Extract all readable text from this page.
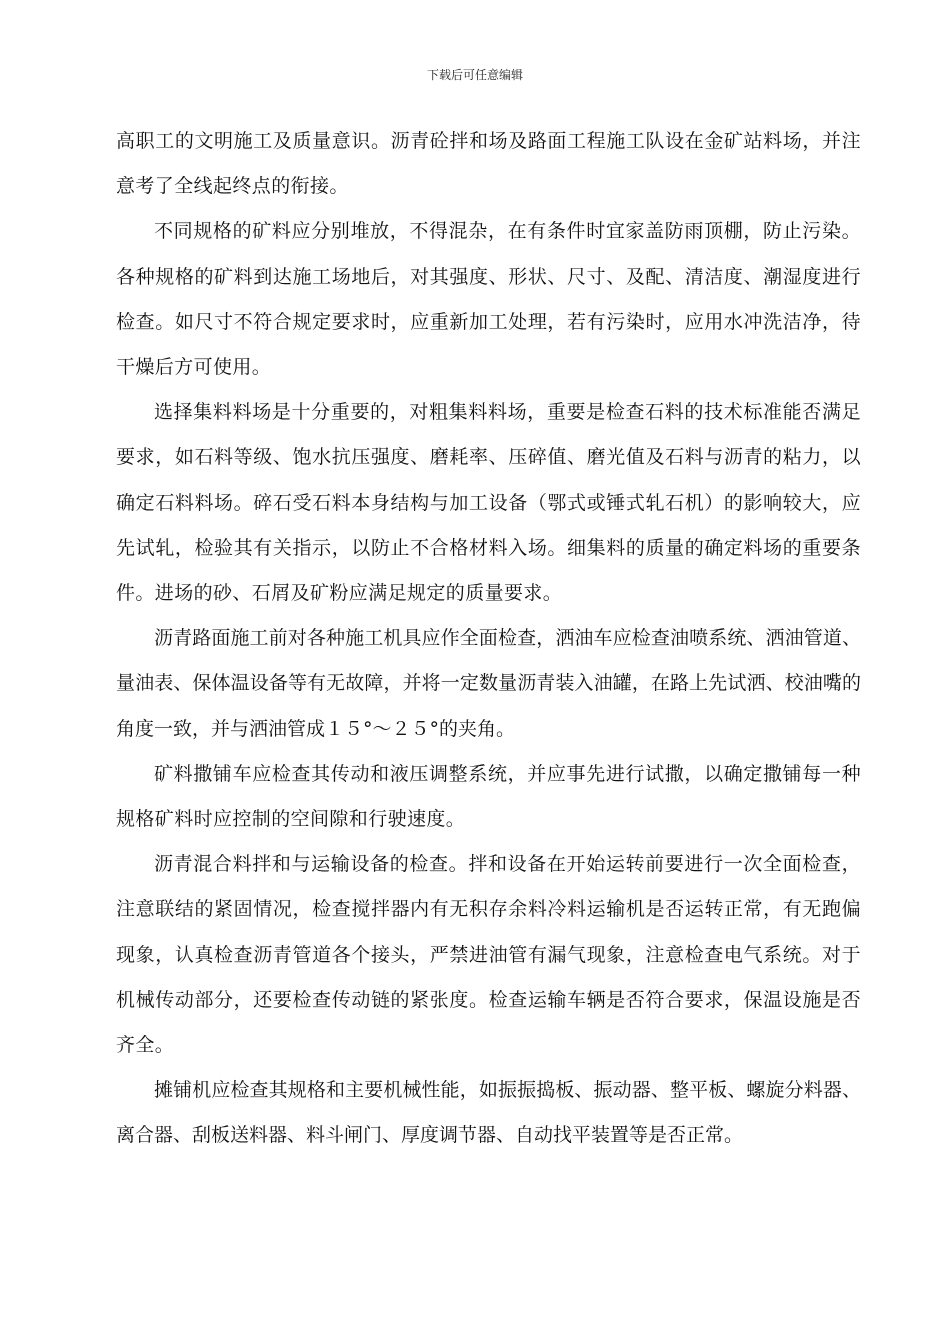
下载后可任意编辑

高职工的文明施工及质量意识。沥青砼拌和场及路面工程施工队设在金矿站料场，并注意考了全线起终点的衔接。

不同规格的矿料应分别堆放，不得混杂，在有条件时宜家盖防雨顶棚，防止污染。各种规格的矿料到达施工场地后，对其强度、形状、尺寸、及配、清洁度、潮湿度进行检查。如尺寸不符合规定要求时，应重新加工处理，若有污染时，应用水冲洗洁净，待干燥后方可使用。

选择集料料场是十分重要的，对粗集料料场，重要是检查石料的技术标准能否满足要求，如石料等级、饱水抗压强度、磨耗率、压碎值、磨光值及石料与沥青的粘力，以确定石料料场。碎石受石料本身结构与加工设备（鄂式或锤式轧石机）的影响较大，应先试轧，检验其有关指示，以防止不合格材料入场。细集料的质量的确定料场的重要条件。进场的砂、石屑及矿粉应满足规定的质量要求。

沥青路面施工前对各种施工机具应作全面检查，洒油车应检查油喷系统、洒油管道、量油表、保体温设备等有无故障，并将一定数量沥青装入油罐，在路上先试洒、校油嘴的角度一致，并与洒油管成１５°～２５°的夹角。

矿料撒铺车应检查其传动和液压调整系统，并应事先进行试撒，以确定撒铺每一种规格矿料时应控制的空间隙和行驶速度。

沥青混合料拌和与运输设备的检查。拌和设备在开始运转前要进行一次全面检查，注意联结的紧固情况，检查搅拌器内有无积存余料冷料运输机是否运转正常，有无跑偏现象，认真检查沥青管道各个接头，严禁进油管有漏气现象，注意检查电气系统。对于机械传动部分，还要检查传动链的紧张度。检查运输车辆是否符合要求，保温设施是否齐全。

摊铺机应检查其规格和主要机械性能，如振振捣板、振动器、整平板、螺旋分料器、离合器、刮板送料器、料斗闸门、厚度调节器、自动找平装置等是否正常。
